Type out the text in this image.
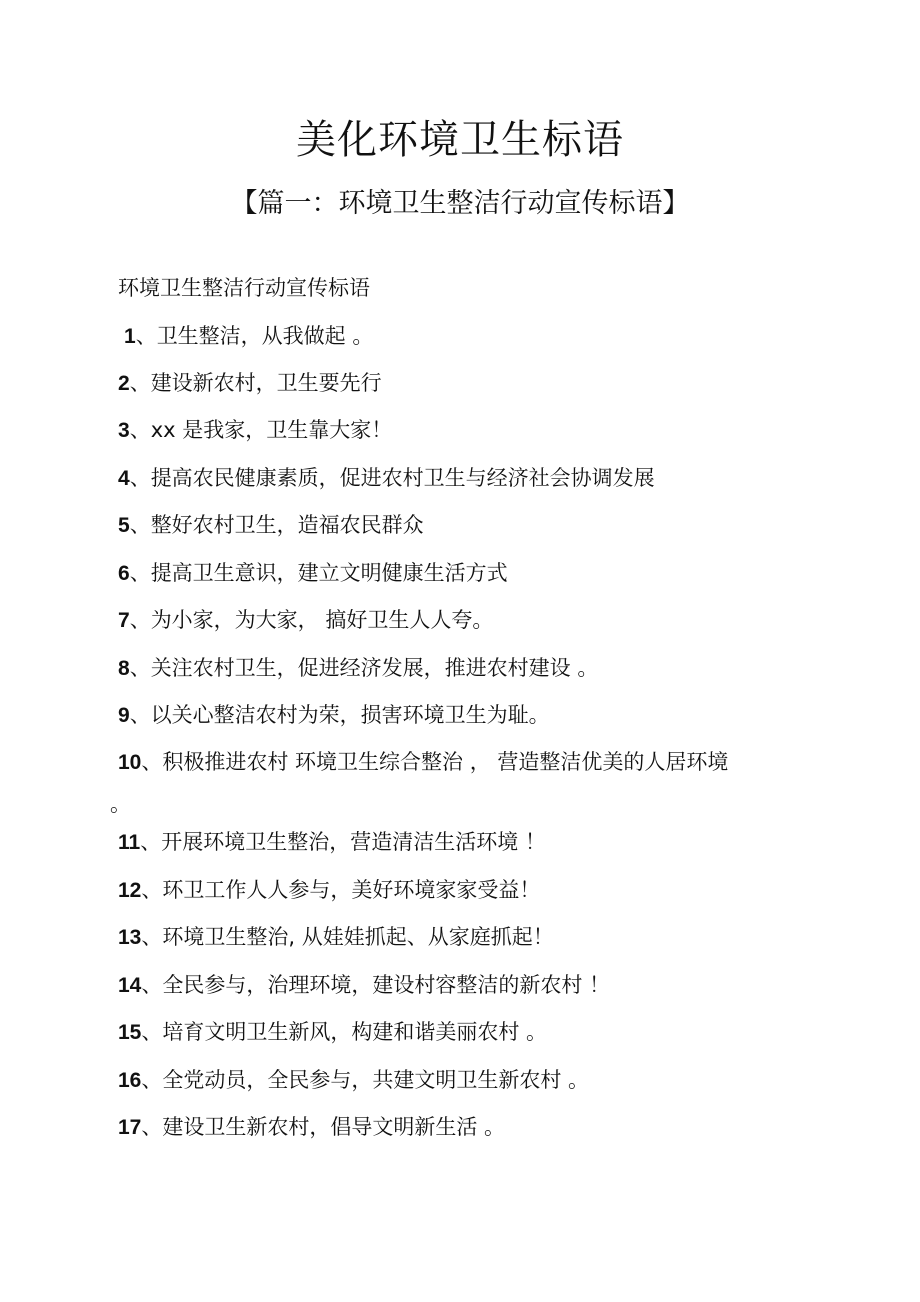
美化环境卫生标语
【篇一：环境卫生整洁行动宣传标语】

环境卫生整洁行动宣传标语

1、卫生整洁，从我做起 。
2、建设新农村，卫生要先行
3、xx 是我家，卫生靠大家！
4、提高农民健康素质，促进农村卫生与经济社会协调发展
5、整好农村卫生，造福农民群众
6、提高卫生意识，建立文明健康生活方式
7、为小家，为大家， 搞好卫生人人夸。
8、关注农村卫生，促进经济发展，推进农村建设 。
9、以关心整洁农村为荣，损害环境卫生为耻。
10、积极推进农村 环境卫生综合整治 ， 营造整洁优美的人居环境
11、开展环境卫生整治，营造清洁生活环境 ！
12、环卫工作人人参与，美好环境家家受益！
13、环境卫生整治, 从娃娃抓起、从家庭抓起！
14、全民参与，治理环境，建设村容整洁的新农村 ！
15、培育文明卫生新风，构建和谐美丽农村 。
16、全党动员，全民参与，共建文明卫生新农村 。
17、建设卫生新农村，倡导文明新生活 。
。
